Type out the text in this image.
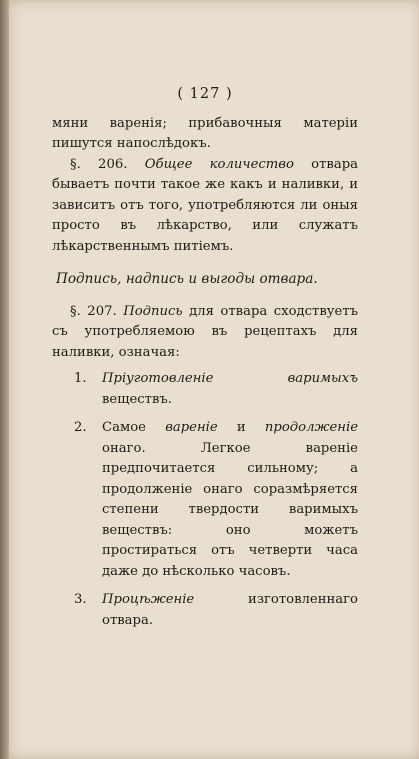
( 127 )

мяни варенія; прибавочныя матеріи пишутся напослѣдокъ.

§. 206. Общее количество отвара бываетъ почти такое же какъ и наливки, и зависитъ отъ того, употребляются ли оныя просто въ лѣкарство, или служатъ лѣкарственнымъ питіемъ.

Подпись, надпись и выгоды отвара.

§. 207. Подпись для отвара сходствуетъ съ употребляемою въ рецептахъ для наливки, означая:

1. Пріуготовленіе варимыхъ веществъ.

2. Самое вареніе и продолженіе онаго. Легкое вареніе предпочитается сильному; а продолженіе онаго соразмѣряется степени твердости варимыхъ веществъ: оно можетъ простираться отъ четверти часа даже до нѣсколько часовъ.

3. Процѣженіе	изготовленнаго отвара.
